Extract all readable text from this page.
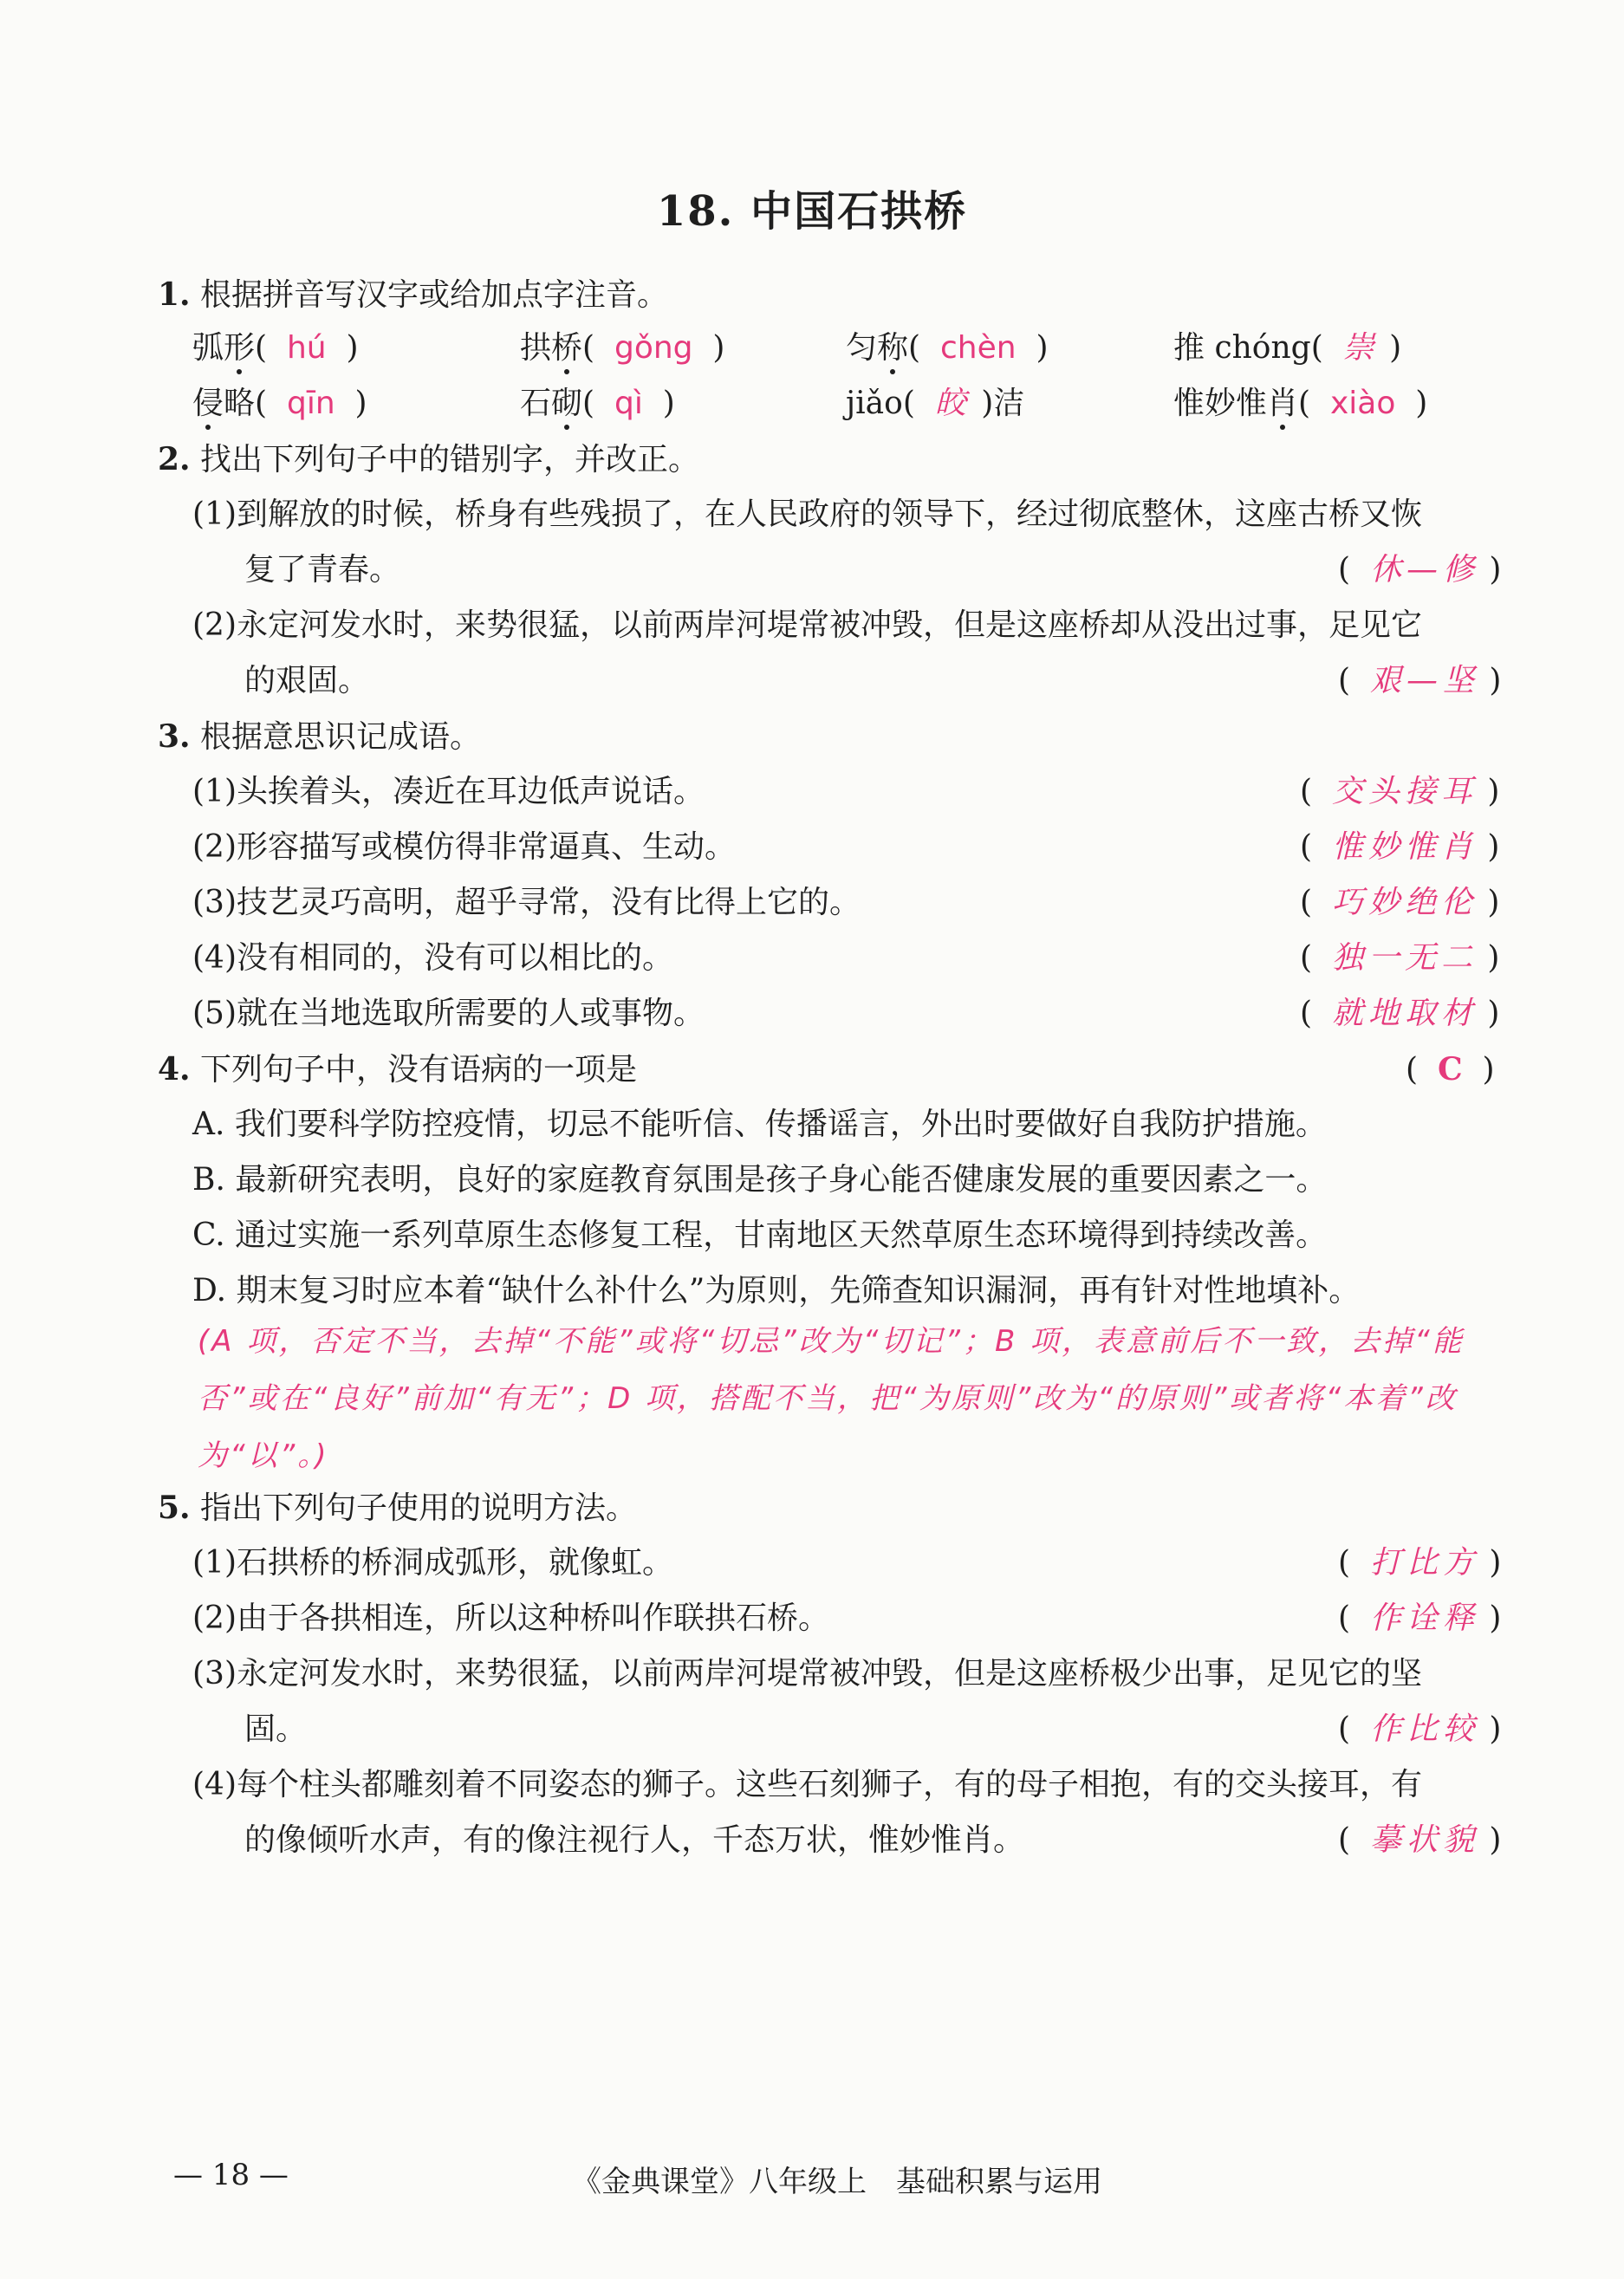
18. 中国石拱桥
1. 根据拼音写汉字或给加点字注音。
弧形( hú )	拱桥( gǒng )	匀称( chèn )	推 chóng( 崇 )
侵略( qīn )	石砌( qì )	jiǎo( 皎 )洁	惟妙惟肖( xiào )
2. 找出下列句子中的错别字，并改正。
(1)到解放的时候，桥身有些残损了，在人民政府的领导下，经过彻底整休，这座古桥又恢
复了青春。	(  休—修 )
(2)永定河发水时，来势很猛，以前两岸河堤常被冲毁，但是这座桥却从没出过事，足见它
的艰固。	(  艰—坚 )
3. 根据意思识记成语。
(1)头挨着头，凑近在耳边低声说话。	(  交头接耳 )
(2)形容描写或模仿得非常逼真、生动。	(  惟妙惟肖 )
(3)技艺灵巧高明，超乎寻常，没有比得上它的。	(  巧妙绝伦 )
(4)没有相同的，没有可以相比的。	(  独一无二 )
(5)就在当地选取所需要的人或事物。	(  就地取材 )
4. 下列句子中，没有语病的一项是	(  C  )
A. 我们要科学防控疫情，切忌不能听信、传播谣言，外出时要做好自我防护措施。
B. 最新研究表明，良好的家庭教育氛围是孩子身心能否健康发展的重要因素之一。
C. 通过实施一系列草原生态修复工程，甘南地区天然草原生态环境得到持续改善。
D. 期末复习时应本着“缺什么补什么”为原则，先筛查知识漏洞，再有针对性地填补。
(A 项，否定不当，去掉“不能”或将“切忌”改为“切记”；B 项，表意前后不一致，去掉“能否”或在“良好”前加“有无”；D 项，搭配不当，把“为原则”改为“的原则”或者将“本着”改为“以”。)
5. 指出下列句子使用的说明方法。
(1)石拱桥的桥洞成弧形，就像虹。	(  打比方 )
(2)由于各拱相连，所以这种桥叫作联拱石桥。	(  作诠释 )
(3)永定河发水时，来势很猛，以前两岸河堤常被冲毁，但是这座桥极少出事，足见它的坚
固。	(  作比较 )
(4)每个柱头都雕刻着不同姿态的狮子。这些石刻狮子，有的母子相抱，有的交头接耳，有
的像倾听水声，有的像注视行人，千态万状，惟妙惟肖。	(  摹状貌 )
— 18 —	《金典课堂》八年级上　基础积累与运用
